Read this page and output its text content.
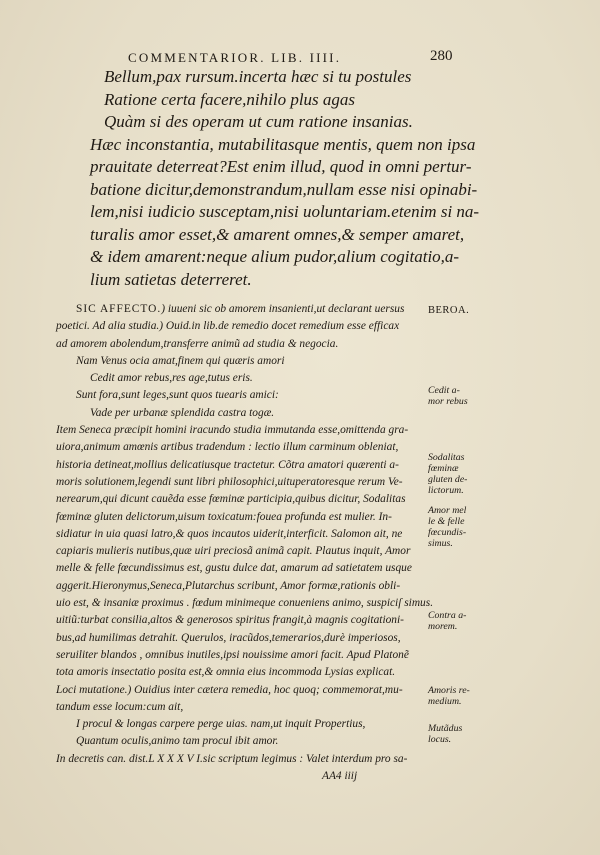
COMMENTARIOR. LIB. IIII.	280
Bellum,pax rursum.incerta hæc si tu postules
Ratione certa facere,nihilo plus agas
Quàm si des operam ut cum ratione insanias.
Hæc inconstantia, mutabilitasque mentis, quem non ipsa
prauitate deterreat?Est enim illud, quod in omni pertur-
batione dicitur,demonstrandum,nullam esse nisi opinabi-
lem,nisi iudicio susceptam,nisi uoluntariam.etenim si na-
turalis amor esset,& amarent omnes,& semper amaret,
& idem amarent:neque alium pudor,alium cogitatio,a-
lium satietas deterreret.
SIC AFFECTO.) iuueni sic ob amorem insanienti,ut declarant uersus
poetici. Ad alia studia.) Ouid.in lib.de remedio docet remedium esse efficax
ad amorem abolendum,transferre animũ ad studia & negocia.
Nam Venus ocia amat,finem qui quæris amori
Cedit amor rebus,res age,tutus eris.
Sunt fora,sunt leges,sunt quos tuearis amici:
Vade per urbanæ splendida castra togæ.
Item Seneca præcipit homini iracundo studia immutanda esse,omittenda gra-
uiora,animum amœnis artibus tradendum : lectio illum carminum obleniat,
historia detineat,mollius delicatiusque tractetur. Cõtra amatori quærenti a-
moris solutionem,legendi sunt libri philosophici,uituperatoresque rerum Ve-
nerearum,qui dicunt cauẽda esse fœminæ participia,quibus dicitur, Sodalitas
fœminæ gluten delictorum,uisum toxicatum:fouea profunda est mulier. In-
sidiatur in uia quasi latro,& quos incautos uiderit,interficit. Salomon ait, ne
capiaris mulieris nutibus,quæ uiri preciosã animã capit. Plautus inquit, Amor
melle & felle fœcundissimus est, gustu dulce dat, amarum ad satietatem usque
aggerit.Hieronymus,Seneca,Plutarchus scribunt, Amor formæ,rationis obli-
uio est, & insaniæ proximus . fœdum minimeque conueniens animo, suspiciſ simus.
uitiũ:turbat consilia,altos & generosos spiritus frangit,à magnis cogitationi-
bus,ad humilimas detrahit. Querulos, iracũdos,temerarios,durè imperiosos,
seruiliter blandos , omnibus inutiles,ipsi nouissime amori facit. Apud Platonẽ
tota amoris insectatio posita est,& omnia eius incommoda Lysias explicat.
Loci mutatione.) Ouidius inter cætera remedia, hoc quoq; commemorat,mu-
tandum esse locum:cum ait,
I procul & longas carpere perge uias. nam,ut inquit Propertius,
Quantum oculis,animo tam procul ibit amor.
In decretis can. dist.L X X X V I.sic scriptum legimus : Valet interdum pro sa-
AA4 iiij
BEROA.
Cedit a-
mor rebus
Sodalitas
fœminæ
gluten de-
lictorum.
Amor mel
le & felle
fœcundis-
simus.
Contra a-
morem.
Amoris re-
medium.
Mutãdus
locus.
